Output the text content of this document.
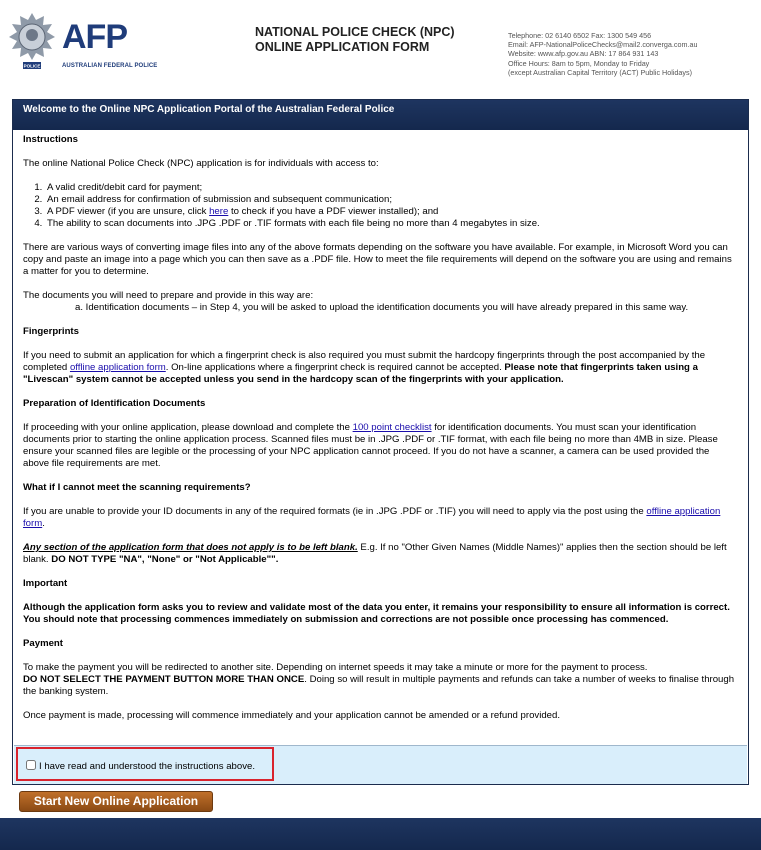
POLICE
AFP
AUSTRALIAN FEDERAL POLICE
NATIONAL POLICE CHECK (NPC)
ONLINE APPLICATION FORM
Telephone: 02 6140 6502 Fax: 1300 549 456
Email: AFP-NationalPoliceChecks@mail2.converga.com.au
Website: www.afp.gov.au ABN: 17 864 931 143
Office Hours: 8am to 5pm, Monday to Friday
(except Australian Capital Territory (ACT) Public Holidays)
Welcome to the Online NPC Application Portal of the Australian Federal Police
Instructions

The online National Police Check (NPC) application is for individuals with access to:

1. A valid credit/debit card for payment;
2. An email address for confirmation of submission and subsequent communication;
3. A PDF viewer (if you are unsure, click here to check if you have a PDF viewer installed); and
4. The ability to scan documents into .JPG .PDF or .TIF formats with each file being no more than 4 megabytes in size.

There are various ways of converting image files into any of the above formats depending on the software you have available. For example, in Microsoft Word you can copy and paste an image into a page which you can then save as a .PDF file. How to meet the file requirements will depend on the software you are using and remains a matter for you to determine.

The documents you will need to prepare and provide in this way are:

a. Identification documents – in Step 4, you will be asked to upload the identification documents you will have already prepared in this same way.
Fingerprints

If you need to submit an application for which a fingerprint check is also required you must submit the hardcopy fingerprints through the post accompanied by the completed offline application form. On-line applications where a fingerprint check is required cannot be accepted. Please note that fingerprints taken using a "Livescan" system cannot be accepted unless you send in the hardcopy scan of the fingerprints with your application.

Preparation of Identification Documents

If proceeding with your online application, please download and complete the 100 point checklist for identification documents. You must scan your identification documents prior to starting the online application process. Scanned files must be in .JPG .PDF or .TIF format, with each file being no more than 4MB in size. Please ensure your scanned files are legible or the processing of your NPC application cannot proceed. If you do not have a scanner, a camera can be used provided the above file requirements are met.

What if I cannot meet the scanning requirements?

If you are unable to provide your ID documents in any of the required formats (ie in .JPG .PDF or .TIF) you will need to apply via the post using the offline application form.

Any section of the application form that does not apply is to be left blank. E.g. If no "Other Given Names (Middle Names)" applies then the section should be left blank. DO NOT TYPE "NA", "None" or "Not Applicable"".

Important

Although the application form asks you to review and validate most of the data you enter, it remains your responsibility to ensure all information is correct. You should note that processing commences immediately on submission and corrections are not possible once processing has commenced.

Payment

To make the payment you will be redirected to another site. Depending on internet speeds it may take a minute or more for the payment to process.

DO NOT SELECT THE PAYMENT BUTTON MORE THAN ONCE. Doing so will result in multiple payments and refunds can take a number of weeks to finalise through the banking system.

Once payment is made, processing will commence immediately and your application cannot be amended or a refund provided.

I have read and understood the instructions above.
Start New Online Application
